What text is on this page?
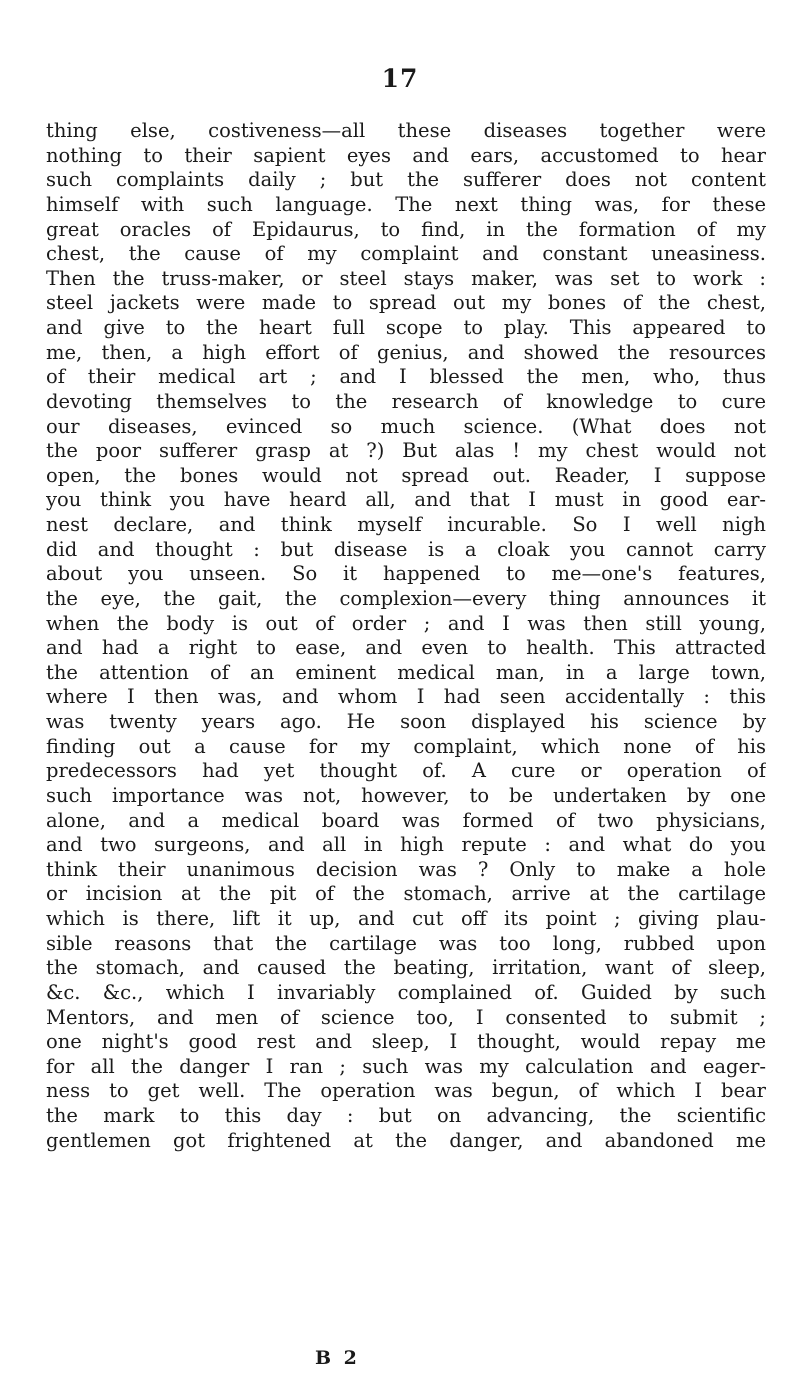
17
thing else, costiveness—all these diseases together were
nothing to their sapient eyes and ears, accustomed to hear
such complaints daily ; but the sufferer does not content
himself with such language. The next thing was, for these
great oracles of Epidaurus, to find, in the formation of my
chest, the cause of my complaint and constant uneasiness.
Then the truss-maker, or steel stays maker, was set to work :
steel jackets were made to spread out my bones of the chest,
and give to the heart full scope to play. This appeared to
me, then, a high effort of genius, and showed the resources
of their medical art ; and I blessed the men, who, thus
devoting themselves to the research of knowledge to cure
our diseases, evinced so much science. (What does not
the poor sufferer grasp at ?) But alas ! my chest would not
open, the bones would not spread out. Reader, I suppose
you think you have heard all, and that I must in good ear-
nest declare, and think myself incurable. So I well nigh
did and thought : but disease is a cloak you cannot carry
about you unseen. So it happened to me—one's features,
the eye, the gait, the complexion—every thing announces it
when the body is out of order ; and I was then still young,
and had a right to ease, and even to health. This attracted
the attention of an eminent medical man, in a large town,
where I then was, and whom I had seen accidentally : this
was twenty years ago. He soon displayed his science by
finding out a cause for my complaint, which none of his
predecessors had yet thought of. A cure or operation of
such importance was not, however, to be undertaken by one
alone, and a medical board was formed of two physicians,
and two surgeons, and all in high repute : and what do you
think their unanimous decision was ? Only to make a hole
or incision at the pit of the stomach, arrive at the cartilage
which is there, lift it up, and cut off its point ; giving plau-
sible reasons that the cartilage was too long, rubbed upon
the stomach, and caused the beating, irritation, want of sleep,
&c. &c., which I invariably complained of. Guided by such
Mentors, and men of science too, I consented to submit ;
one night's good rest and sleep, I thought, would repay me
for all the danger I ran ; such was my calculation and eager-
ness to get well. The operation was begun, of which I bear
the mark to this day : but on advancing, the scientific
gentlemen got frightened at the danger, and abandoned me
B 2
